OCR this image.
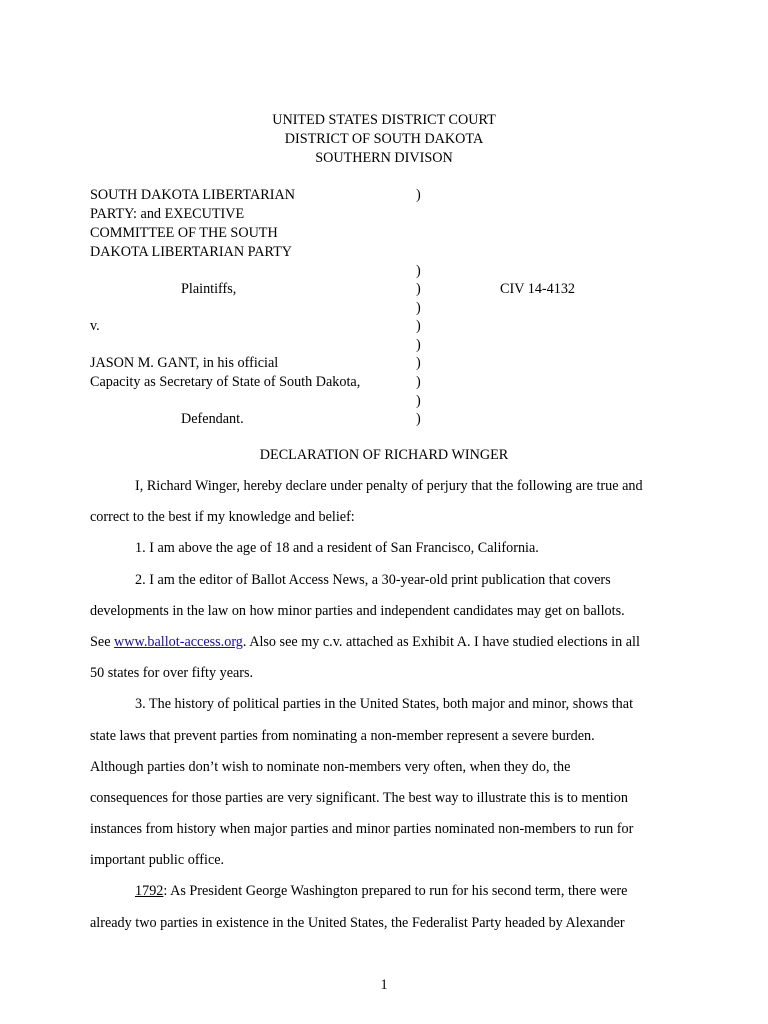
UNITED STATES DISTRICT COURT
DISTRICT OF SOUTH DAKOTA
SOUTHERN DIVISON
SOUTH DAKOTA LIBERTARIAN	)
PARTY: and EXECUTIVE
COMMITTEE OF THE SOUTH
DAKOTA LIBERTARIAN PARTY
)
Plaintiffs,	)	CIV 14-4132
)
v.	)
)
JASON M. GANT, in his official	)
Capacity as Secretary of State of South Dakota,	)
)
Defendant.	)
DECLARATION OF RICHARD WINGER
I, Richard Winger, hereby declare under penalty of perjury that the following are true and
correct to the best if my knowledge and belief:
1. I am above the age of 18 and a resident of San Francisco, California.
2. I am the editor of Ballot Access News, a 30-year-old print publication that covers
developments in the law on how minor parties and independent candidates may get on ballots.
See www.ballot-access.org. Also see my c.v. attached as Exhibit A. I have studied elections in all
50 states for over fifty years.
3. The history of political parties in the United States, both major and minor, shows that
state laws that prevent parties from nominating a non-member represent a severe burden.
Although parties don’t wish to nominate non-members very often, when they do, the
consequences for those parties are very significant. The best way to illustrate this is to mention
instances from history when major parties and minor parties nominated non-members to run for
important public office.
1792: As President George Washington prepared to run for his second term, there were
already two parties in existence in the United States, the Federalist Party headed by Alexander
1
